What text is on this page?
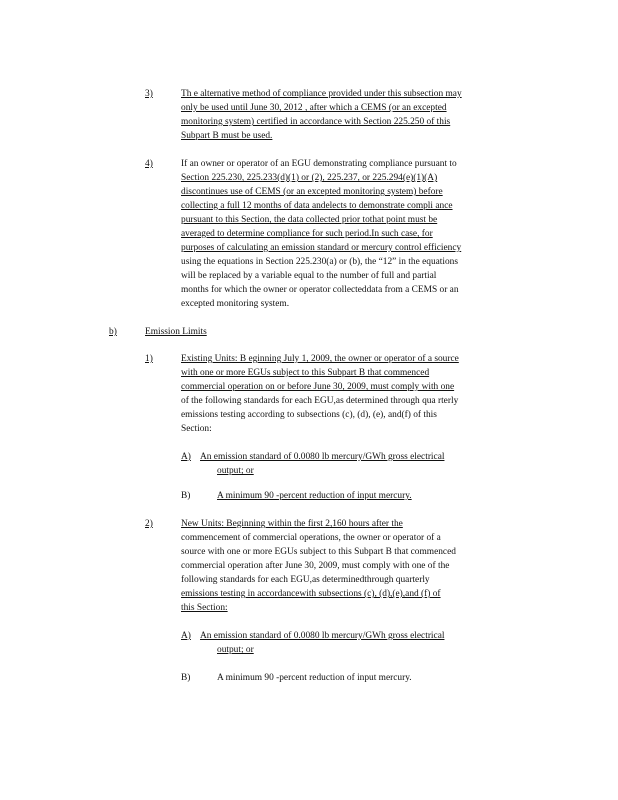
3)	Th e alternative method of compliance provided under this subsection may
only be used until June 30, 2012 , after which a CEMS (or an excepted
monitoring system) certified in accordance with Section 225.250 of this
Subpart B must be used.
4)	If an owner or operator of an EGU demonstrating compliance pursuant to
Section 225.230, 225.233(d)(1) or (2), 225.237, or 225.294(e)(1)(A)
discontinues use of CEMS (or an excepted monitoring system) before
collecting a full 12 months of data andelects to demonstrate compli ance
pursuant to this Section, the data collected prior tothat point must be
averaged to determine compliance for such period.In such case, for
purposes of calculating an emission standard or mercury control efficiency
using the equations in Section 225.230(a) or (b), the “12” in the equations
will be replaced by a variable equal to the number of full and partial
months for which the owner or operator collecteddata from a CEMS or an
excepted monitoring system.
b)	Emission Limits
1)	Existing Units: B eginning July 1, 2009, the owner or operator of a source
with one or more EGUs subject to this Subpart B that commenced
commercial operation on or before June 30, 2009, must comply with one
of the following standards for each EGU,as determined through qua rterly
emissions testing according to subsections (c), (d), (e), and(f) of this
Section:
A) An emission standard of 0.0080 lb mercury/GWh gross electrical
output; or
B)	A minimum 90 -percent reduction of input mercury.
2)	New Units: Beginning within the first 2,160 hours after the
commencement of commercial operations, the owner or operator of a
source with one or more EGUs subject to this Subpart B that commenced
commercial operation after June 30, 2009, must comply with one of the
following standards for each EGU,as determinedthrough quarterly
emissions testing in accordancewith subsections (c), (d),(e),and (f) of
this Section:
A) An emission standard of 0.0080 lb mercury/GWh gross electrical
output; or
B)	A minimum 90 -percent reduction of input mercury.
